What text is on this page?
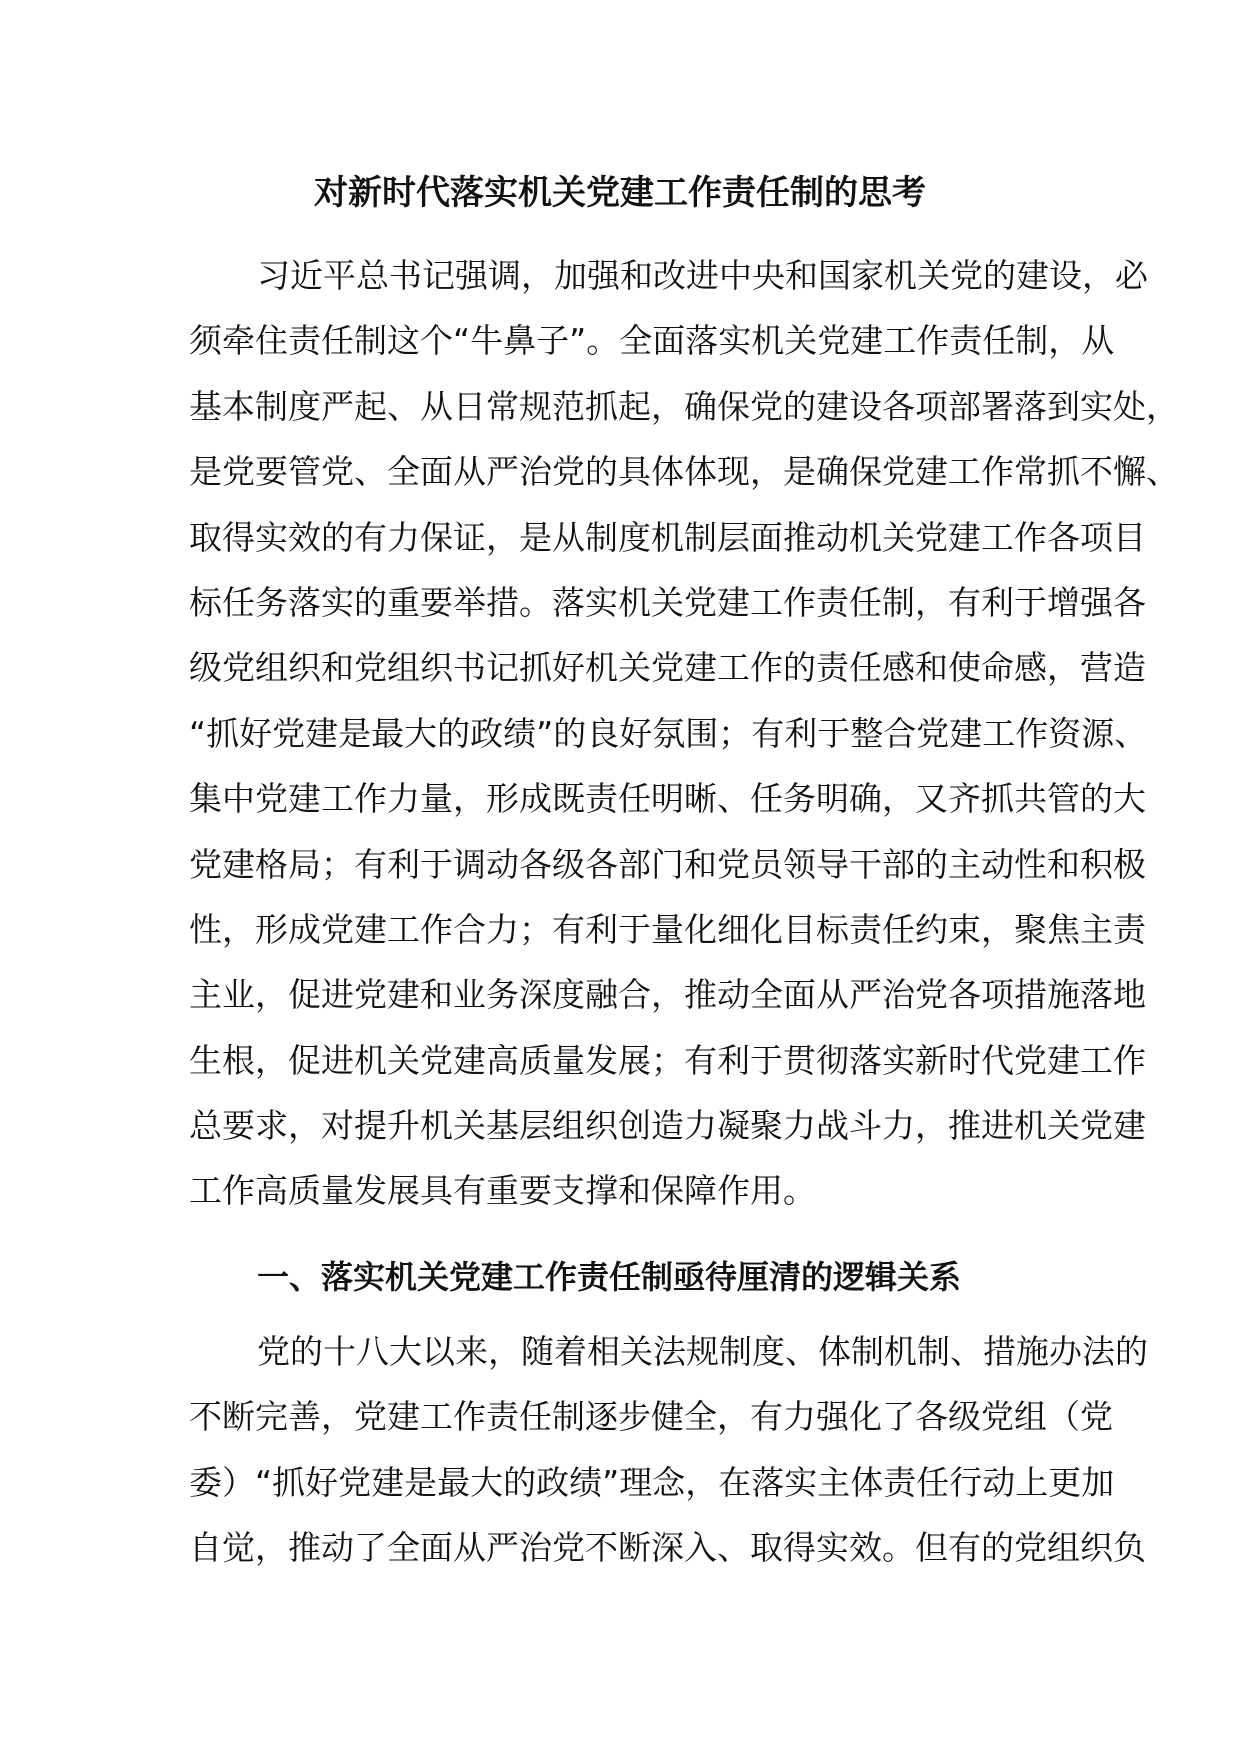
对新时代落实机关党建工作责任制的思考
习近平总书记强调，加强和改进中央和国家机关党的建设，必
须牵住责任制这个“牛鼻子”。全面落实机关党建工作责任制，从
基本制度严起、从日常规范抓起，确保党的建设各项部署落到实处，
是党要管党、全面从严治党的具体体现，是确保党建工作常抓不懈、
取得实效的有力保证，是从制度机制层面推动机关党建工作各项目
标任务落实的重要举措。落实机关党建工作责任制，有利于增强各
级党组织和党组织书记抓好机关党建工作的责任感和使命感，营造
“抓好党建是最大的政绩”的良好氛围；有利于整合党建工作资源、
集中党建工作力量，形成既责任明晰、任务明确，又齐抓共管的大
党建格局；有利于调动各级各部门和党员领导干部的主动性和积极
性，形成党建工作合力；有利于量化细化目标责任约束，聚焦主责
主业，促进党建和业务深度融合，推动全面从严治党各项措施落地
生根，促进机关党建高质量发展；有利于贯彻落实新时代党建工作
总要求，对提升机关基层组织创造力凝聚力战斗力，推进机关党建
工作高质量发展具有重要支撑和保障作用。
一、落实机关党建工作责任制亟待厘清的逻辑关系
党的十八大以来，随着相关法规制度、体制机制、措施办法的
不断完善，党建工作责任制逐步健全，有力强化了各级党组（党
委）“抓好党建是最大的政绩”理念，在落实主体责任行动上更加
自觉，推动了全面从严治党不断深入、取得实效。但有的党组织负
